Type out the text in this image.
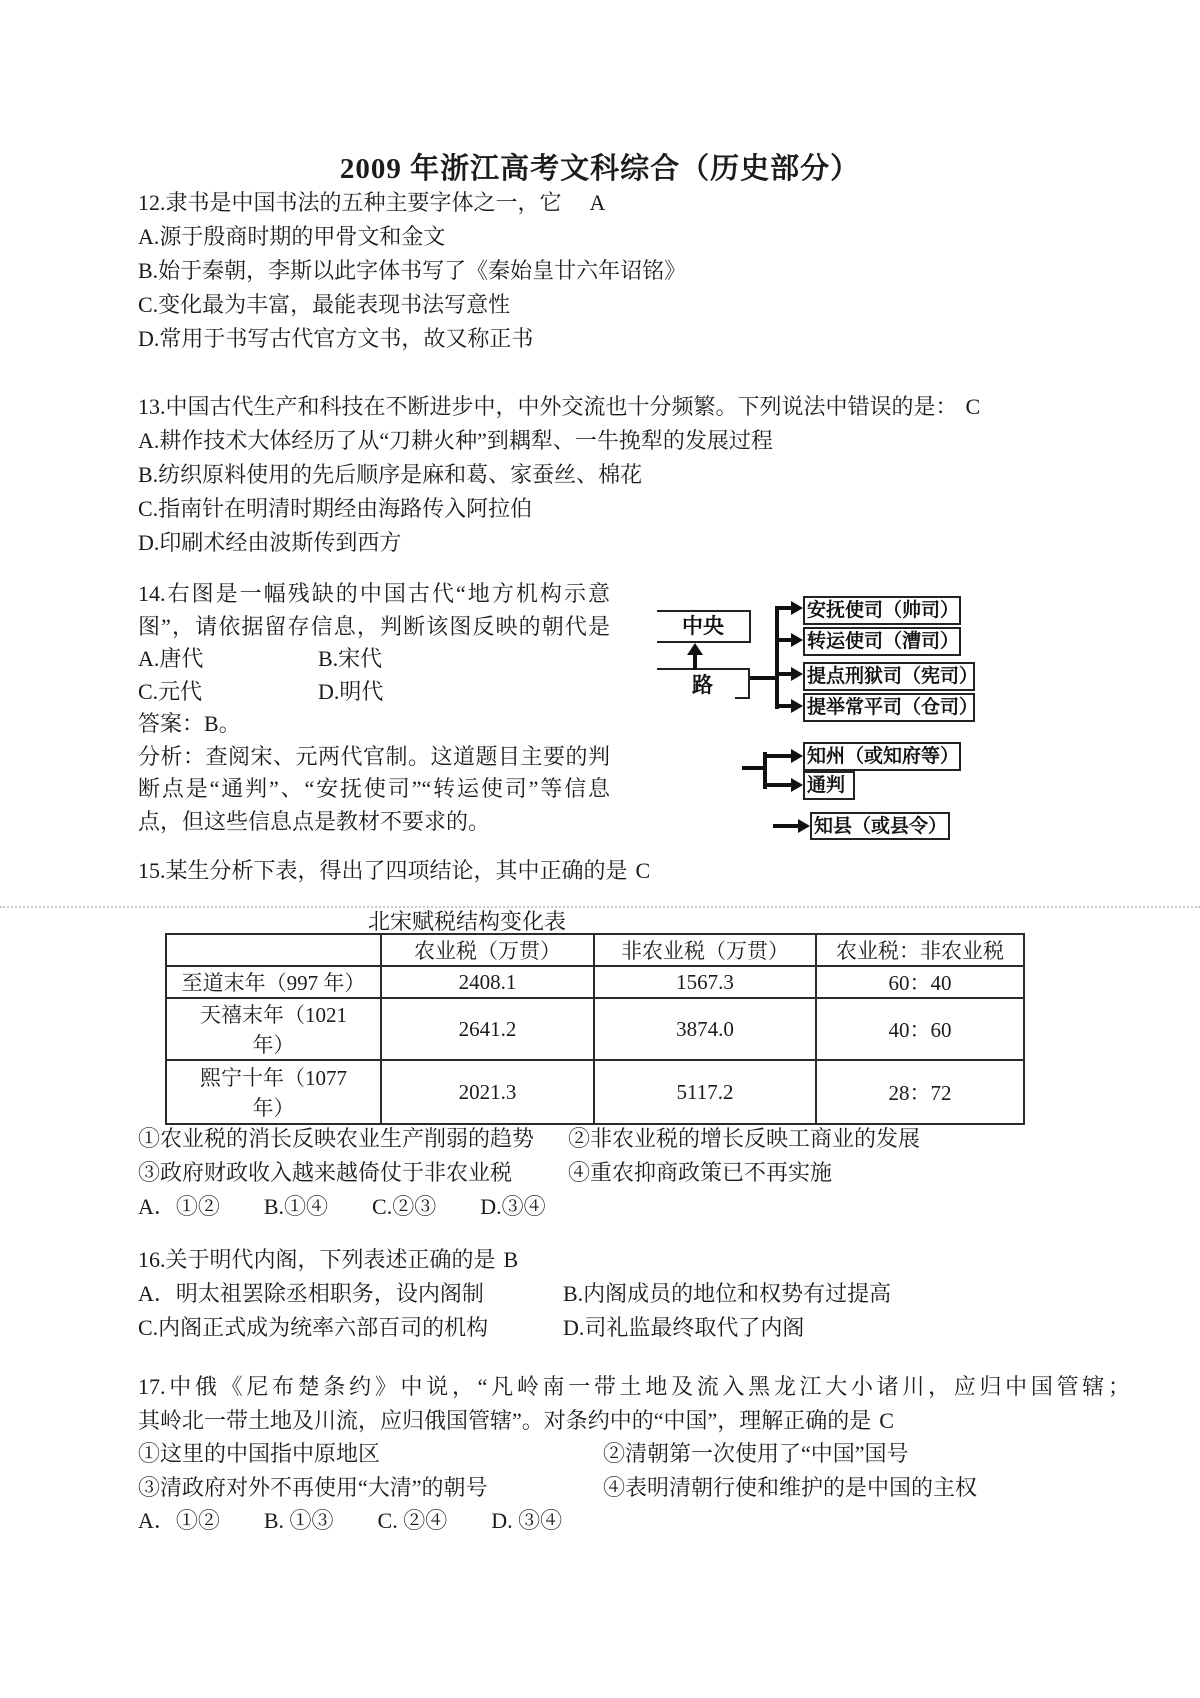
2009 年浙江高考文科综合（历史部分）
12.隶书是中国书法的五种主要字体之一，它 A
A.源于殷商时期的甲骨文和金文
B.始于秦朝，李斯以此字体书写了《秦始皇廿六年诏铭》
C.变化最为丰富，最能表现书法写意性
D.常用于书写古代官方文书，故又称正书
13.中国古代生产和科技在不断进步中，中外交流也十分频繁。下列说法中错误的是： C
A.耕作技术大体经历了从“刀耕火种”到耦犁、一牛挽犁的发展过程
B.纺织原料使用的先后顺序是麻和葛、家蚕丝、棉花
C.指南针在明清时期经由海路传入阿拉伯
D.印刷术经由波斯传到西方
14.右图是一幅残缺的中国古代“地方机构示意
图”，请依据留存信息，判断该图反映的朝代是
A.唐代	B.宋代
C.元代	D.明代
答案：B。
分析：查阅宋、元两代官制。这道题目主要的判
断点是“通判”、“安抚使司”“转运使司”等信息
点，但这些信息点是教材不要求的。
中央
路
安抚使司（帅司）
转运使司（漕司）
提点刑狱司（宪司）
提举常平司（仓司）
知州（或知府等）
通判
知县（或县令）
15.某生分析下表，得出了四项结论，其中正确的是 C
北宋赋税结构变化表
	农业税（万贯）	非农业税（万贯）	农业税：非农业税

至道末年（997 年）	2408.1	1567.3	60：40

天禧末年（1021
年）	2641.2	3874.0	40：60

熙宁十年（1077
年）	2021.3	5117.2	28：72
①农业税的消长反映农业生产削弱的趋势	②非农业税的增长反映工商业的发展
③政府财政收入越来越倚仗于非农业税	④重农抑商政策已不再实施
A．①②　　B.①④　　C.②③　　D.③④
16.关于明代内阁，下列表述正确的是 B
A．明太祖罢除丞相职务，设内阁制	B.内阁成员的地位和权势有过提高
C.内阁正式成为统率六部百司的机构	D.司礼监最终取代了内阁
17.中俄《尼布楚条约》中说，“凡岭南一带土地及流入黑龙江大小诸川，应归中国管辖；
其岭北一带土地及川流，应归俄国管辖”。对条约中的“中国”，理解正确的是 C
①这里的中国指中原地区	②清朝第一次使用了“中国”国号
③清政府对外不再使用“大清”的朝号	④表明清朝行使和维护的是中国的主权
A．①②　　B. ①③　　C. ②④　　D. ③④
